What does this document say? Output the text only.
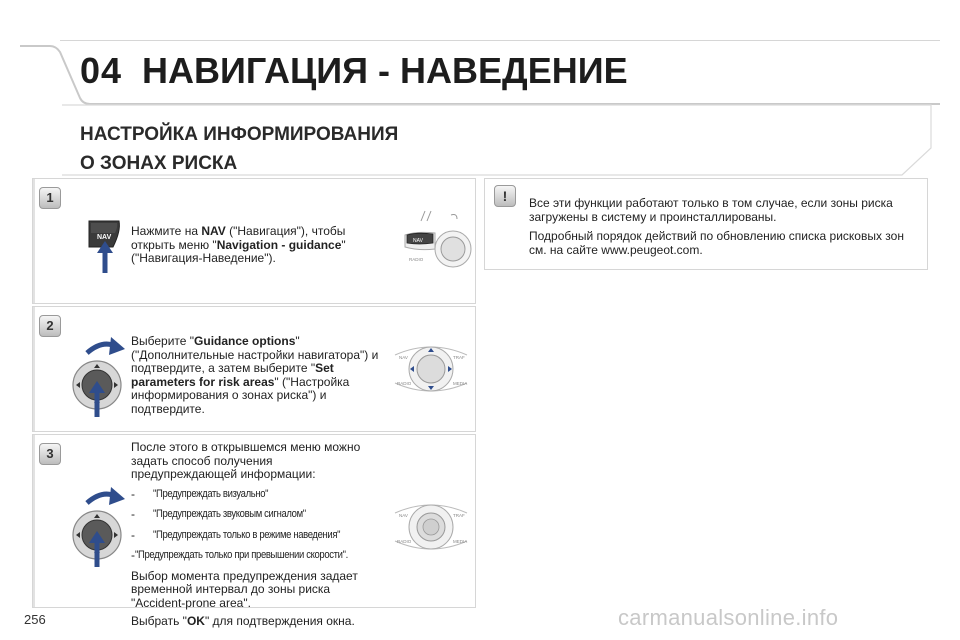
04 НАВИГАЦИЯ - НАВЕДЕНИЕ
НАСТРОЙКА ИНФОРМИРОВАНИЯ
О ЗОНАХ РИСКА
1
NAV Нажмите на NAV ("Навигация"), чтобы открыть меню "Navigation - guidance" ("Навигация-Наведение").
NAV
RADIO
2
Выберите "Guidance options" ("Дополнительные настройки навигатора") и подтвердите, а затем выберите "Set parameters for risk areas" ("Настройка информирования о зонах риска") и подтвердите.
NAV	TRAF
RADIO	MEDIA
3	После этого в открывшемся меню можно задать способ получения предупреждающей информации:
-	"Предупреждать визуально"
-	"Предупреждать звуковым сигналом"
-	"Предупреждать только в режиме наведения"
- "Предупреждать только при превышении скорости".
Выбор момента предупреждения задает временной интервал до зоны риска "Accident-prone area".
Выбрать "OK" для подтверждения окна.
NAV	TRAF
RADIO	MEDIA
!	Все эти функции работают только в том случае, если зоны риска загружены в систему и проинсталлированы.

Подробный порядок действий по обновлению списка рисковых зон см. на сайте www.peugeot.com.

256	carmanualsonline.info
